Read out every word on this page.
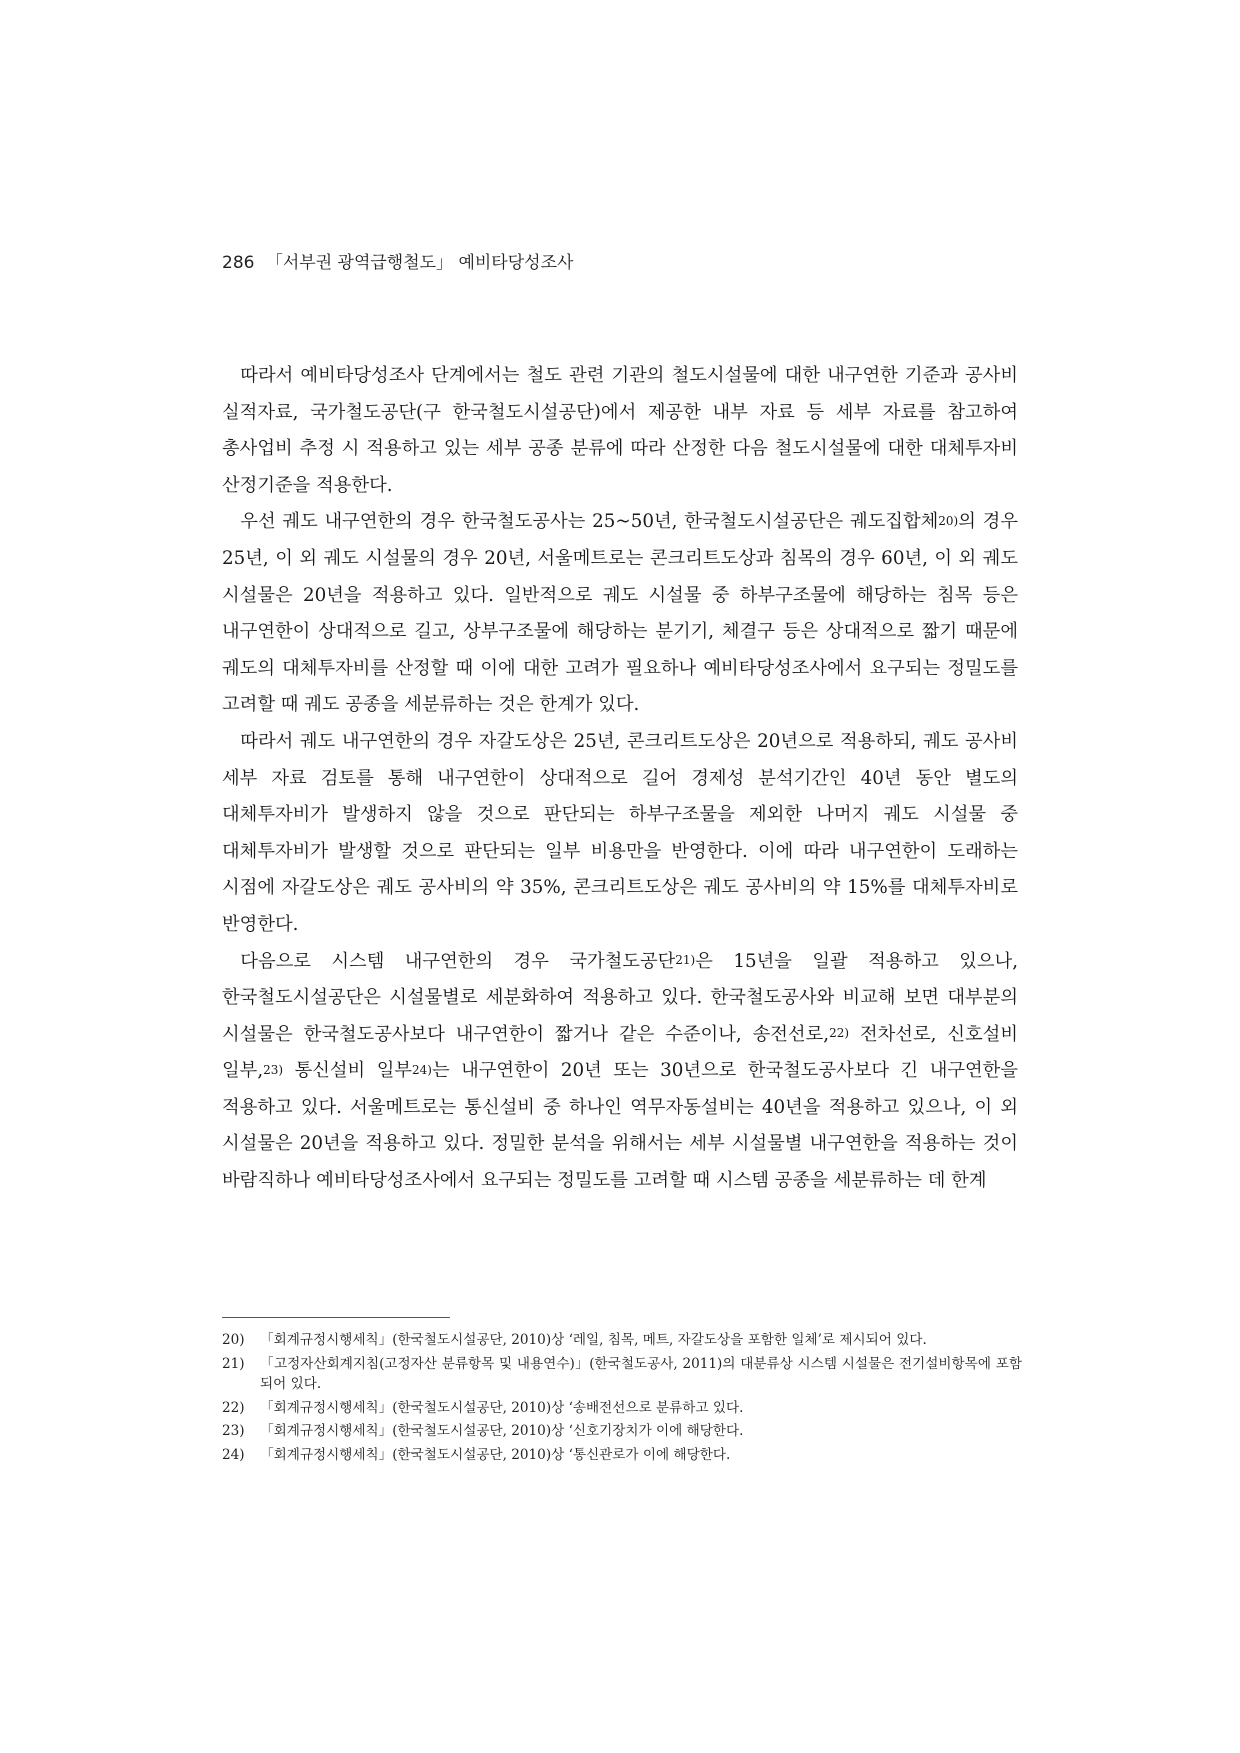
286 「서부권 광역급행철도」 예비타당성조사

따라서 예비타당성조사 단계에서는 철도 관련 기관의 철도시설물에 대한 내구연한 기준과 공사비 실적자료, 국가철도공단(구 한국철도시설공단)에서 제공한 내부 자료 등 세부 자료를 참고하여 총사업비 추정 시 적용하고 있는 세부 공종 분류에 따라 산정한 다음 철도시설물에 대한 대체투자비 산정기준을 적용한다.

우선 궤도 내구연한의 경우 한국철도공사는 25~50년, 한국철도시설공단은 궤도집합체$^{20)}$의 경우 25년, 이 외 궤도 시설물의 경우 20년, 서울메트로는 콘크리트도상과 침목의 경우 60년, 이 외 궤도 시설물은 20년을 적용하고 있다. 일반적으로 궤도 시설물 중 하부구조물에 해당하는 침목 등은 내구연한이 상대적으로 길고, 상부구조물에 해당하는 분기기, 체결구 등은 상대적으로 짧기 때문에 궤도의 대체투자비를 산정할 때 이에 대한 고려가 필요하나 예비타당성조사에서 요구되는 정밀도를 고려할 때 궤도 공종을 세분류하는 것은 한계가 있다.

따라서 궤도 내구연한의 경우 자갈도상은 25년, 콘크리트도상은 20년으로 적용하되, 궤도 공사비 세부 자료 검토를 통해 내구연한이 상대적으로 길어 경제성 분석기간인 40년 동안 별도의 대체투자비가 발생하지 않을 것으로 판단되는 하부구조물을 제외한 나머지 궤도 시설물 중 대체투자비가 발생할 것으로 판단되는 일부 비용만을 반영한다. 이에 따라 내구연한이 도래하는 시점에 자갈도상은 궤도 공사비의 약 35%, 콘크리트도상은 궤도 공사비의 약 15%를 대체투자비로 반영한다.

다음으로 시스템 내구연한의 경우 국가철도공단$^{21)}$은 15년을 일괄 적용하고 있으나, 한국철도시설공단은 시설물별로 세분화하여 적용하고 있다. 한국철도공사와 비교해 보면 대부분의 시설물은 한국철도공사보다 내구연한이 짧거나 같은 수준이나, 송전선로,$^{22)}$ 전차선로, 신호설비 일부,$^{23)}$ 통신설비 일부$^{24)}$는 내구연한이 20년 또는 30년으로 한국철도공사보다 긴 내구연한을 적용하고 있다. 서울메트로는 통신설비 중 하나인 역무자동설비는 40년을 적용하고 있으나, 이 외 시설물은 20년을 적용하고 있다. 정밀한 분석을 위해서는 세부 시설물별 내구연한을 적용하는 것이 바람직하나 예비타당성조사에서 요구되는 정밀도를 고려할 때 시스템 공종을 세분류하는 데 한계

20)	「회계규정시행세칙」(한국철도시설공단, 2010)상 ‘레일, 침목, 메트, 자갈도상을 포함한 일체’로 제시되어 있다.
21)	「고정자산회계지침(고정자산 분류항목 및 내용연수)」(한국철도공사, 2011)의 대분류상 시스템 시설물은 전기설비항목에 포함되어 있다.
22)	「회계규정시행세칙」(한국철도시설공단, 2010)상 ‘송배전선으로 분류하고 있다.
23)	「회계규정시행세칙」(한국철도시설공단, 2010)상 ‘신호기장치가 이에 해당한다.
24)	「회계규정시행세칙」(한국철도시설공단, 2010)상 ‘통신관로가 이에 해당한다.
